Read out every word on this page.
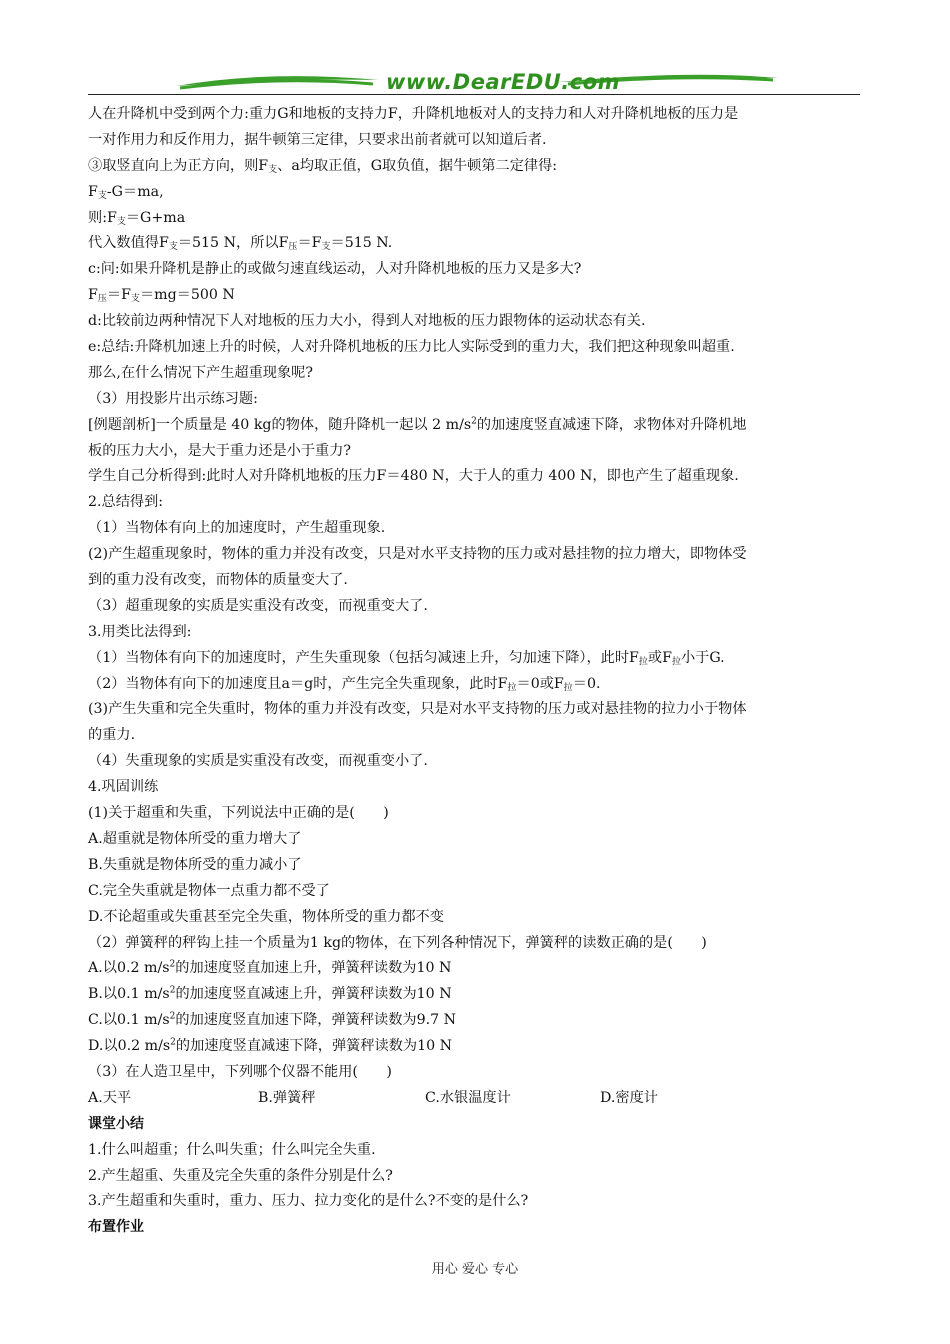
www.DearEDU.com
人在升降机中受到两个力:重力G和地板的支持力F，升降机地板对人的支持力和人对升降机地板的压力是
一对作用力和反作用力，据牛顿第三定律，只要求出前者就可以知道后者.
③取竖直向上为正方向，则$F_支$、a均取正值，G取负值，据牛顿第二定律得:
$F_支-G=ma$,
则$:F_支=G+ma$
代入数值得$F_支=515$ N，所以$F_压=F_支=515$ N.
c:问:如果升降机是静止的或做匀速直线运动，人对升降机地板的压力又是多大?
$F_压=F_支=mg=500$ N
d:比较前边两种情况下人对地板的压力大小，得到人对地板的压力跟物体的运动状态有关.
e:总结:升降机加速上升的时候，人对升降机地板的压力比人实际受到的重力大，我们把这种现象叫超重.
那么,在什么情况下产生超重现象呢?
（3）用投影片出示练习题:
[例题剖析]一个质量是 40 kg的物体，随升降机一起以 2 $m/s^2$的加速度竖直减速下降，求物体对升降机地
板的压力大小，是大于重力还是小于重力?
学生自己分析得到:此时人对升降机地板的压力F＝480 N，大于人的重力 400 N，即也产生了超重现象.
2.总结得到:
（1）当物体有向上的加速度时，产生超重现象.
(2)产生超重现象时，物体的重力并没有改变，只是对水平支持物的压力或对悬挂物的拉力增大，即物体受
到的重力没有改变，而物体的质量变大了.
（3）超重现象的实质是实重没有改变，而视重变大了.
3.用类比法得到:
（1）当物体有向下的加速度时，产生失重现象（包括匀减速上升，匀加速下降），此时$F_拉$或$F_拉$小于G.
（2）当物体有向下的加速度且a＝g时，产生完全失重现象，此时$F_拉=0$或$F_拉=0$.
(3)产生失重和完全失重时，物体的重力并没有改变，只是对水平支持物的压力或对悬挂物的拉力小于物体
的重力.
（4）失重现象的实质是实重没有改变，而视重变小了.
4.巩固训练
(1)关于超重和失重，下列说法中正确的是(　　)
A.超重就是物体所受的重力增大了
B.失重就是物体所受的重力减小了
C.完全失重就是物体一点重力都不受了
D.不论超重或失重甚至完全失重，物体所受的重力都不变
（2）弹簧秤的秤钩上挂一个质量为1 kg的物体，在下列各种情况下，弹簧秤的读数正确的是(　　)
A.以0.2 $m/s^2$的加速度竖直加速上升，弹簧秤读数为10 N
B.以0.1 $m/s^2$的加速度竖直减速上升，弹簧秤读数为10 N
C.以0.1 $m/s^2$的加速度竖直加速下降，弹簧秤读数为9.7 N
D.以0.2 $m/s^2$的加速度竖直减速下降，弹簧秤读数为10 N
（3）在人造卫星中，下列哪个仪器不能用(　　)
A.天平	B.弹簧秤	C.水银温度计	D.密度计
课堂小结
1.什么叫超重；什么叫失重；什么叫完全失重.
2.产生超重、失重及完全失重的条件分别是什么?
3.产生超重和失重时，重力、压力、拉力变化的是什么?不变的是什么?
布置作业
用心 爱心 专心
